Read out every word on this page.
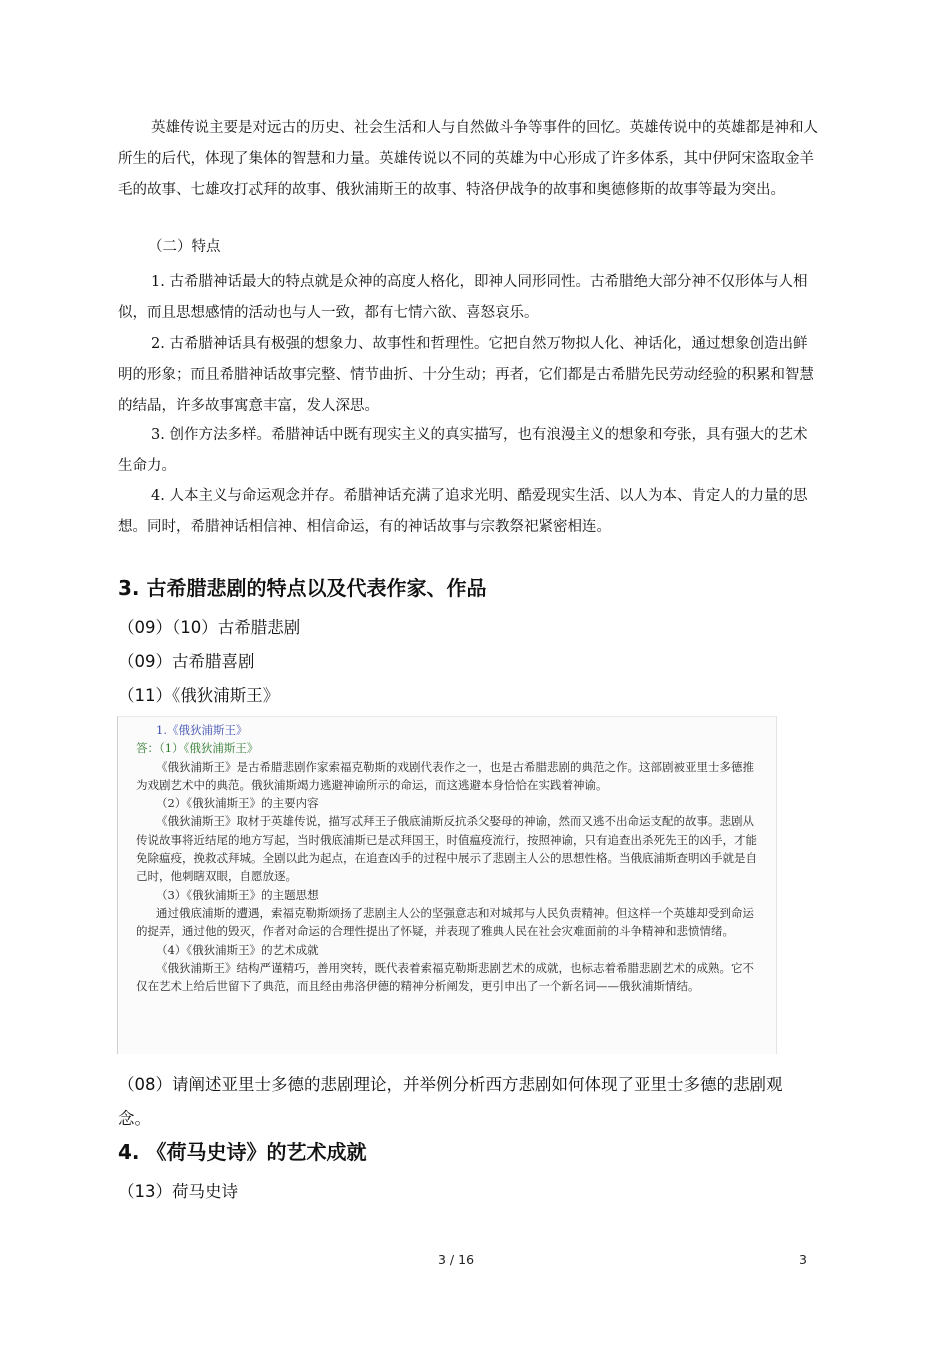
英雄传说主要是对远古的历史、社会生活和人与自然做斗争等事件的回忆。英雄传说中的英雄都是神和人所生的后代，体现了集体的智慧和力量。英雄传说以不同的英雄为中心形成了许多体系，其中伊阿宋盗取金羊毛的故事、七雄攻打忒拜的故事、俄狄浦斯王的故事、特洛伊战争的故事和奥德修斯的故事等最为突出。

（二）特点

1. 古希腊神话最大的特点就是众神的高度人格化，即神人同形同性。古希腊绝大部分神不仅形体与人相似，而且思想感情的活动也与人一致，都有七情六欲、喜怒哀乐。

2. 古希腊神话具有极强的想象力、故事性和哲理性。它把自然万物拟人化、神话化，通过想象创造出鲜明的形象；而且希腊神话故事完整、情节曲折、十分生动；再者，它们都是古希腊先民劳动经验的积累和智慧的结晶，许多故事寓意丰富，发人深思。

3. 创作方法多样。希腊神话中既有现实主义的真实描写，也有浪漫主义的想象和夸张，具有强大的艺术生命力。

4. 人本主义与命运观念并存。希腊神话充满了追求光明、酷爱现实生活、以人为本、肯定人的力量的思想。同时，希腊神话相信神、相信命运，有的神话故事与宗教祭祀紧密相连。

3. 古希腊悲剧的特点以及代表作家、作品
（09）（10）古希腊悲剧
（09）古希腊喜剧
（11）《俄狄浦斯王》
1.《俄狄浦斯王》
答：（1）《俄狄浦斯王》

《俄狄浦斯王》是古希腊悲剧作家索福克勒斯的戏剧代表作之一，也是古希腊悲剧的典范之作。这部剧被亚里士多德推为戏剧艺术中的典范。俄狄浦斯竭力逃避神谕所示的命运，而这逃避本身恰恰在实践着神谕。

（2）《俄狄浦斯王》的主要内容

《俄狄浦斯王》取材于英雄传说，描写忒拜王子俄底浦斯反抗杀父娶母的神谕，然而又逃不出命运支配的故事。悲剧从传说故事将近结尾的地方写起，当时俄底浦斯已是忒拜国王，时值瘟疫流行，按照神谕，只有追查出杀死先王的凶手，才能免除瘟疫，挽救忒拜城。全剧以此为起点，在追查凶手的过程中展示了悲剧主人公的思想性格。当俄底浦斯查明凶手就是自己时，他刺瞎双眼，自愿放逐。

（3）《俄狄浦斯王》的主题思想

通过俄底浦斯的遭遇，索福克勒斯颂扬了悲剧主人公的坚强意志和对城邦与人民负责精神。但这样一个英雄却受到命运的捉弄，通过他的毁灭，作者对命运的合理性提出了怀疑，并表现了雅典人民在社会灾难面前的斗争精神和悲愤情绪。

（4）《俄狄浦斯王》的艺术成就

《俄狄浦斯王》结构严谨精巧，善用突转，既代表着索福克勒斯悲剧艺术的成就，也标志着希腊悲剧艺术的成熟。它不仅在艺术上给后世留下了典范，而且经由弗洛伊德的精神分析阐发，更引申出了一个新名词——俄狄浦斯情结。

（08）请阐述亚里士多德的悲剧理论，并举例分析西方悲剧如何体现了亚里士多德的悲剧观念。
4. 《荷马史诗》的艺术成就
（13）荷马史诗
3 / 16	3
